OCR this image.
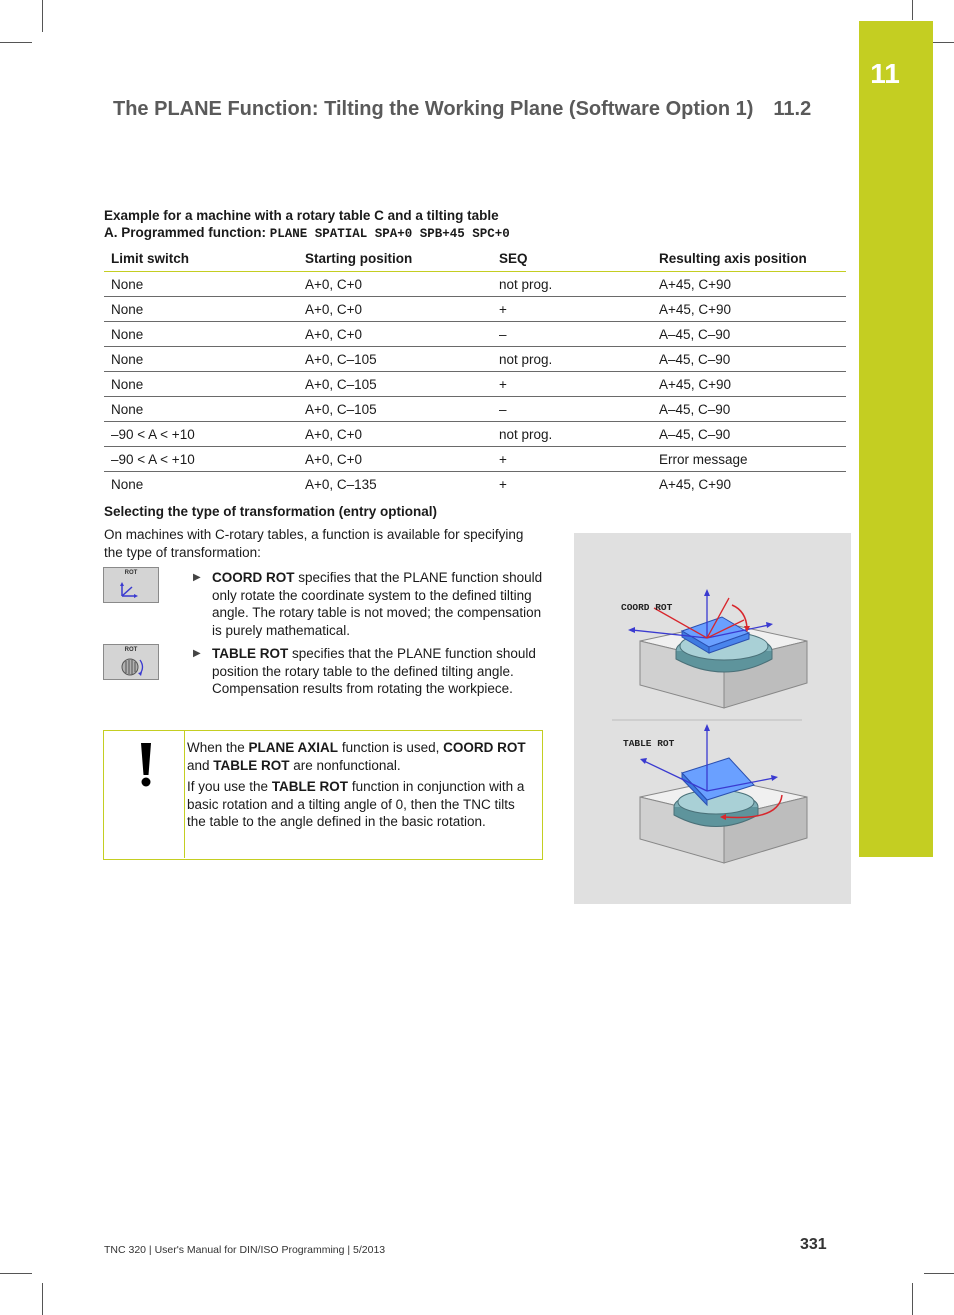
11
The PLANE Function: Tilting the Working Plane (Software Option 1) 11.2
Example for a machine with a rotary table C and a tilting table
A. Programmed function: PLANE SPATIAL SPA+0 SPB+45 SPC+0
Limit switch	Starting position	SEQ	Resulting axis position
None	A+0, C+0	not prog.	A+45, C+90
None	A+0, C+0	+	A+45, C+90
None	A+0, C+0	–	A–45, C–90
None	A+0, C–105	not prog.	A–45, C–90
None	A+0, C–105	+	A+45, C+90
None	A+0, C–105	–	A–45, C–90
–90 < A < +10	A+0, C+0	not prog.	A–45, C–90
–90 < A < +10	A+0, C+0	+	Error message
None	A+0, C–135	+	A+45, C+90
Selecting the type of transformation (entry optional)
On machines with C-rotary tables, a function is available for specifying the type of transformation:
ROT
ROT
▶ COORD ROT specifies that the PLANE function should only rotate the coordinate system to the defined tilting angle. The rotary table is not moved; the compensation is purely mathematical.
▶ TABLE ROT specifies that the PLANE function should position the rotary table to the defined tilting angle. Compensation results from rotating the workpiece.

When the PLANE AXIAL function is used, COORD ROT and TABLE ROT are nonfunctional.

If you use the TABLE ROT function in conjunction with a basic rotation and a tilting angle of 0, then the TNC tilts the table to the angle defined in the basic rotation.

COORD ROT
TABLE ROT
TNC 320 | User's Manual for DIN/ISO Programming | 5/2013	331
